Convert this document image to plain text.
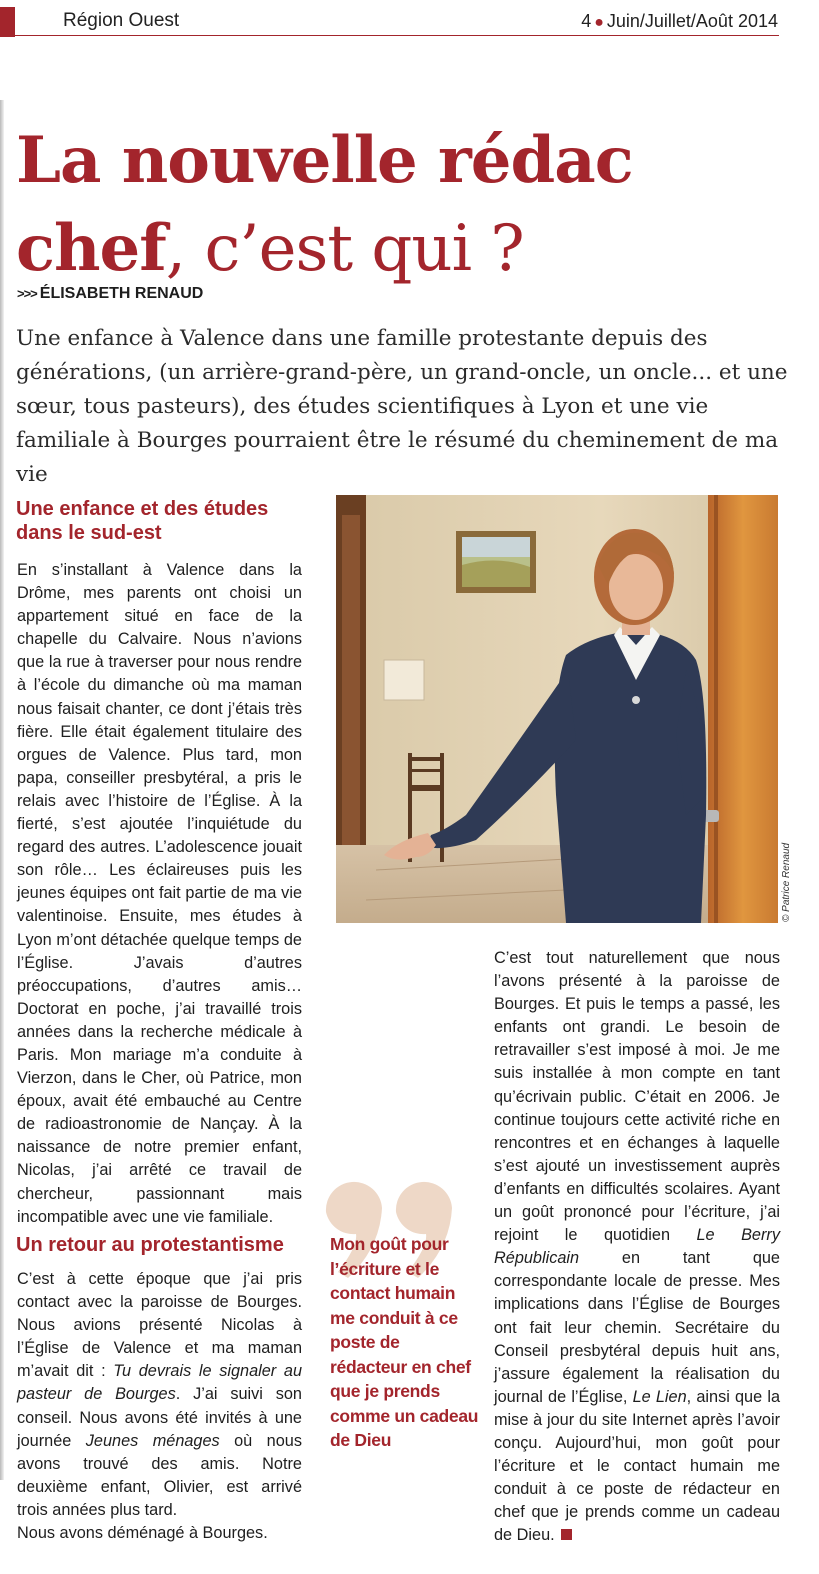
Région Ouest	4 ● Juin/Juillet/Août 2014
La nouvelle rédac chef, c’est qui ?
>>> ÉLISABETH RENAUD

Une enfance à Valence dans une famille protestante depuis des générations, (un arrière-grand-père, un grand-oncle, un oncle... et une sœur, tous pasteurs), des études scientifiques à Lyon et une vie familiale à Bourges pourraient être le résumé du cheminement de ma vie

Une enfance et des études dans le sud-est

En s’installant à Valence dans la Drôme, mes parents ont choisi un appartement situé en face de la chapelle du Calvaire. Nous n’avions que la rue à traverser pour nous rendre à l’école du dimanche où ma maman nous faisait chanter, ce dont j’étais très fière. Elle était également titulaire des orgues de Valence. Plus tard, mon papa, conseiller presbytéral, a pris le relais avec l’histoire de l’Église. À la fierté, s’est ajoutée l’inquiétude du regard des autres. L’adolescence jouait son rôle… Les éclaireuses puis les jeunes équipes ont fait partie de ma vie valentinoise. Ensuite, mes études à Lyon m’ont détachée quelque temps de l’Église. J’avais d’autres préoccupations, d’autres amis… Doctorat en poche, j’ai travaillé trois années dans la recherche médicale à Paris. Mon mariage m’a conduite à Vierzon, dans le Cher, où Patrice, mon époux, avait été embauché au Centre de radioastronomie de Nançay. À la naissance de notre premier enfant, Nicolas, j’ai arrêté ce travail de chercheur, passionnant mais incompatible avec une vie familiale.

Un retour au protestantisme

C’est à cette époque que j’ai pris contact avec la paroisse de Bourges. Nous avions présenté Nicolas à l’Église de Valence et ma maman m’avait dit : Tu devrais le signaler au pasteur de Bourges. J’ai suivi son conseil. Nous avons été invités à une journée Jeunes ménages où nous avons trouvé des amis. Notre deuxième enfant, Olivier, est arrivé trois années plus tard.

Nous avons déménagé à Bourges.

© Patrice Renaud

C’est tout naturellement que nous l’avons présenté à la paroisse de Bourges. Et puis le temps a passé, les enfants ont grandi. Le besoin de retravailler s’est imposé à moi. Je me suis installée à mon compte en tant qu’écrivain public. C’était en 2006. Je continue toujours cette activité riche en rencontres et en échanges à laquelle s’est ajouté un investissement auprès d’enfants en difficultés scolaires. Ayant un goût prononcé pour l’écriture, j’ai rejoint le quotidien Le Berry Républicain en tant que correspondante locale de presse. Mes implications dans l’Église de Bourges ont fait leur chemin. Secrétaire du Conseil presbytéral depuis huit ans, j’assure également la réalisation du journal de l’Église, Le Lien, ainsi que la mise à jour du site Internet après l’avoir conçu. Aujourd’hui, mon goût pour l’écriture et le contact humain me conduit à ce poste de rédacteur en chef que je prends comme un cadeau de Dieu.

Mon goût pour l’écriture et le contact humain me conduit à ce poste de rédacteur en chef que je prends comme un cadeau de Dieu
